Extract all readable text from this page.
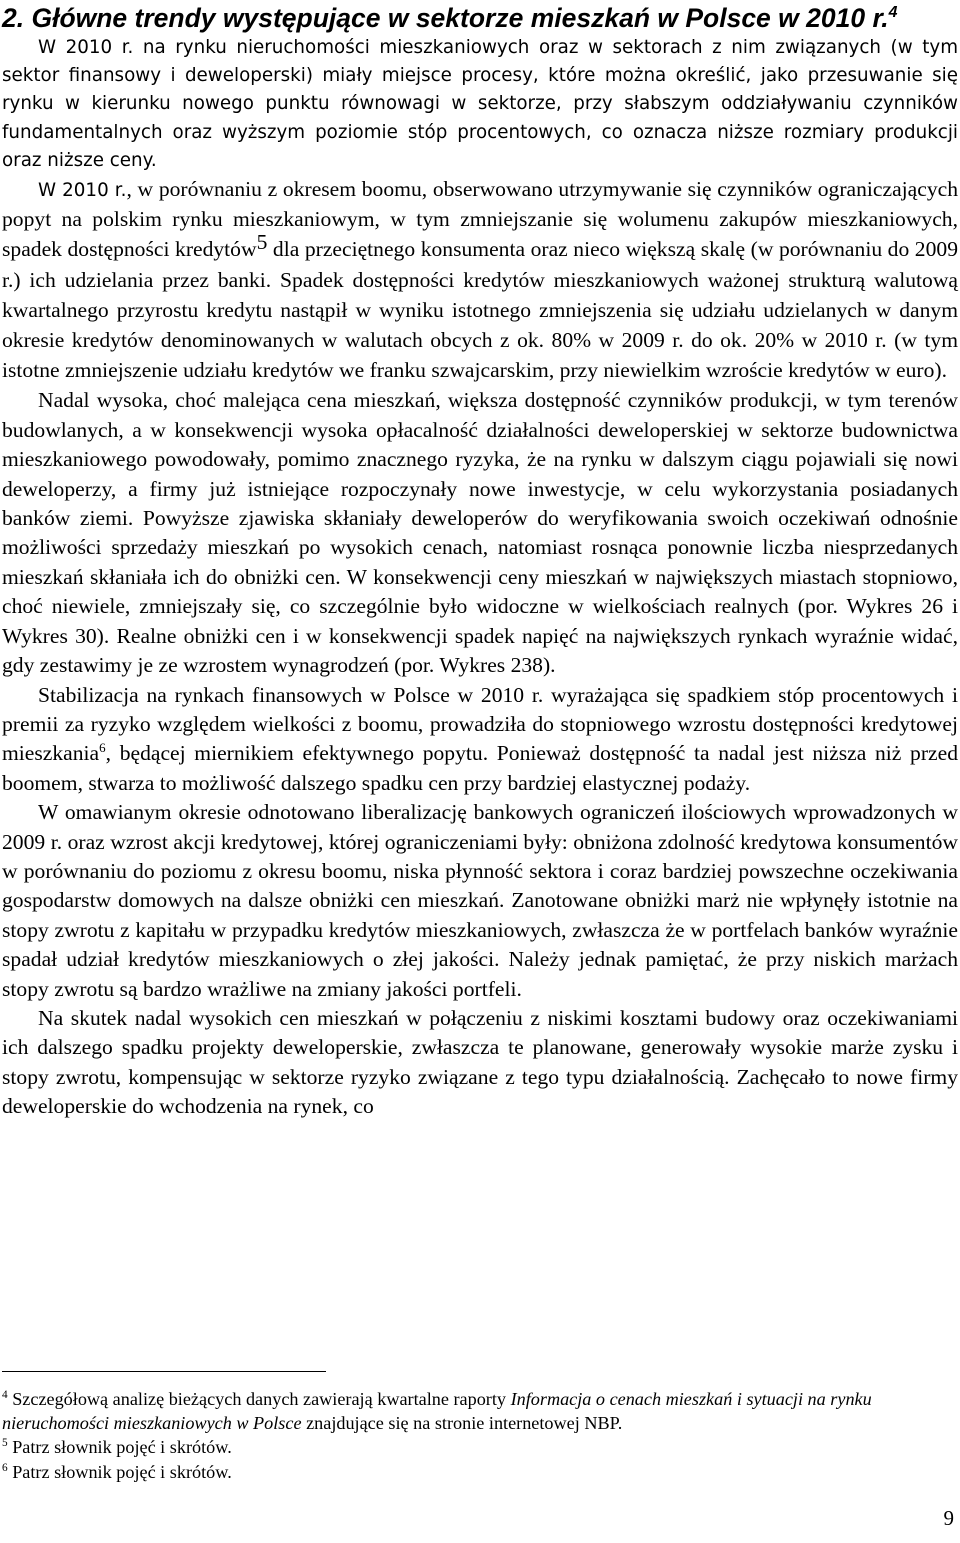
2. Główne trendy występujące w sektorze mieszkań w Polsce w 2010 r.$^4$

W 2010 r. na rynku nieruchomości mieszkaniowych oraz w sektorach z nim związanych (w tym sektor finansowy i deweloperski) miały miejsce procesy, które można określić, jako przesuwanie się rynku w kierunku nowego punktu równowagi w sektorze, przy słabszym oddziaływaniu czynników fundamentalnych oraz wyższym poziomie stóp procentowych, co oznacza niższe rozmiary produkcji oraz niższe ceny.

W 2010 r., w porównaniu z okresem boomu, obserwowano utrzymywanie się czynników ograniczających popyt na polskim rynku mieszkaniowym, w tym zmniejszanie się wolumenu zakupów mieszkaniowych, spadek dostępności kredytów$^5$ dla przeciętnego konsumenta oraz nieco większą skalę (w porównaniu do 2009 r.) ich udzielania przez banki. Spadek dostępności kredytów mieszkaniowych ważonej strukturą walutową kwartalnego przyrostu kredytu nastąpił w wyniku istotnego zmniejszenia się udziału udzielanych w danym okresie kredytów denominowanych w walutach obcych z ok. 80% w 2009 r. do ok. 20% w 2010 r. (w tym istotne zmniejszenie udziału kredytów we franku szwajcarskim, przy niewielkim wzroście kredytów w euro).

Nadal wysoka, choć malejąca cena mieszkań, większa dostępność czynników produkcji, w tym terenów budowlanych, a w konsekwencji wysoka opłacalność działalności deweloperskiej w sektorze budownictwa mieszkaniowego powodowały, pomimo znacznego ryzyka, że na rynku w dalszym ciągu pojawiali się nowi deweloperzy, a firmy już istniejące rozpoczynały nowe inwestycje, w celu wykorzystania posiadanych banków ziemi. Powyższe zjawiska skłaniały deweloperów do weryfikowania swoich oczekiwań odnośnie możliwości sprzedaży mieszkań po wysokich cenach, natomiast rosnąca ponownie liczba niesprzedanych mieszkań skłaniała ich do obniżki cen. W konsekwencji ceny mieszkań w największych miastach stopniowo, choć niewiele, zmniejszały się, co szczególnie było widoczne w wielkościach realnych (por. Wykres 26 i Wykres 30). Realne obniżki cen i w konsekwencji spadek napięć na największych rynkach wyraźnie widać, gdy zestawimy je ze wzrostem wynagrodzeń (por. Wykres 238).

Stabilizacja na rynkach finansowych w Polsce w 2010 r. wyrażająca się spadkiem stóp procentowych i premii za ryzyko względem wielkości z boomu, prowadziła do stopniowego wzrostu dostępności kredytowej mieszkania$^6$, będącej miernikiem efektywnego popytu. Ponieważ dostępność ta nadal jest niższa niż przed boomem, stwarza to możliwość dalszego spadku cen przy bardziej elastycznej podaży.

W omawianym okresie odnotowano liberalizację bankowych ograniczeń ilościowych wprowadzonych w 2009 r. oraz wzrost akcji kredytowej, której ograniczeniami były: obniżona zdolność kredytowa konsumentów w porównaniu do poziomu z okresu boomu, niska płynność sektora i coraz bardziej powszechne oczekiwania gospodarstw domowych na dalsze obniżki cen mieszkań. Zanotowane obniżki marż nie wpłynęły istotnie na stopy zwrotu z kapitału w przypadku kredytów mieszkaniowych, zwłaszcza że w portfelach banków wyraźnie spadał udział kredytów mieszkaniowych o złej jakości. Należy jednak pamiętać, że przy niskich marżach stopy zwrotu są bardzo wrażliwe na zmiany jakości portfeli.

Na skutek nadal wysokich cen mieszkań w połączeniu z niskimi kosztami budowy oraz oczekiwaniami ich dalszego spadku projekty deweloperskie, zwłaszcza te planowane, generowały wysokie marże zysku i stopy zwrotu, kompensując w sektorze ryzyko związane z tego typu działalnością. Zachęcało to nowe firmy deweloperskie do wchodzenia na rynek, co

$^4$ Szczegółową analizę bieżących danych zawierają kwartalne raporty Informacja o cenach mieszkań i sytuacji na rynku nieruchomości mieszkaniowych w Polsce znajdujące się na stronie internetowej NBP.

$^5$ Patrz słownik pojęć i skrótów.

$^6$ Patrz słownik pojęć i skrótów.

9
